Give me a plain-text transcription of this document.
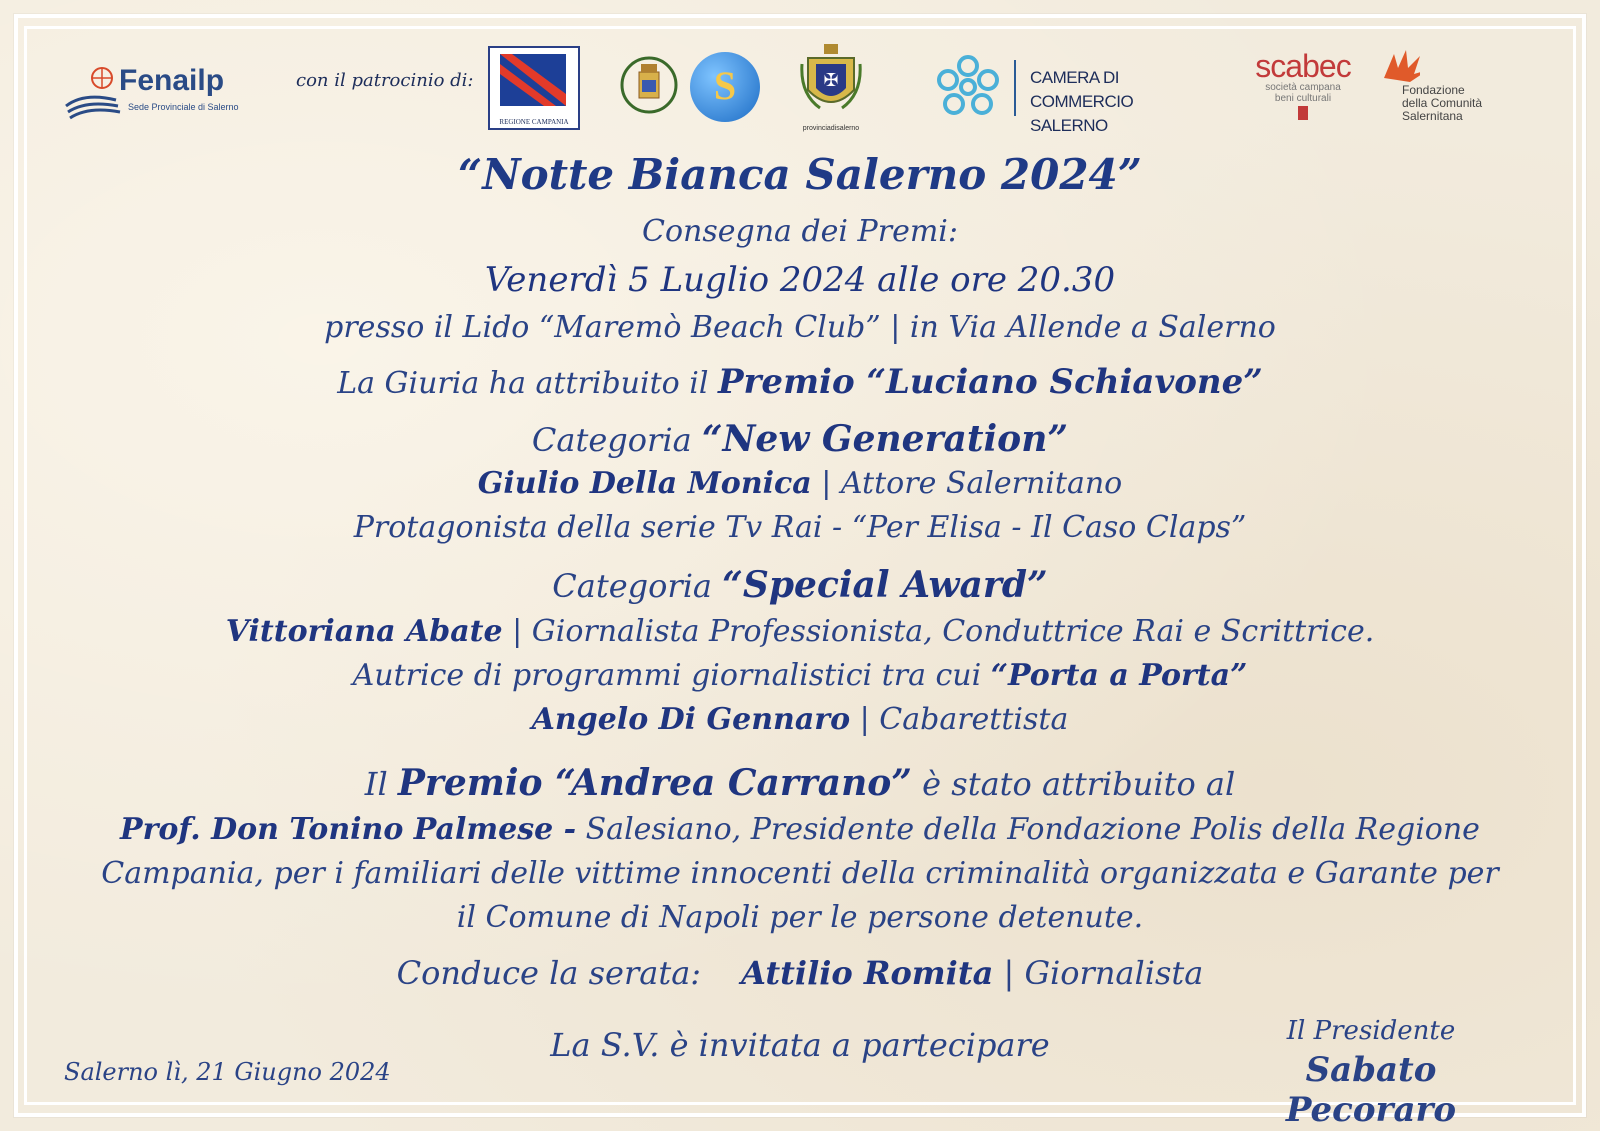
Fenailp
Sede Provinciale di Salerno
con il patrocinio di:
REGIONE CAMPANIA
S	✠
provinciadisalerno
CAMERA DI COMMERCIO
SALERNO
scabec
società campana
beni culturali
Fondazione
della Comunità
Salernitana
“Notte Bianca Salerno 2024”
Consegna dei Premi:
Venerdì 5 Luglio 2024 alle ore 20.30
presso il Lido “Maremò Beach Club” | in Via Allende a Salerno
La Giuria ha attribuito il Premio “Luciano Schiavone”
Categoria “New Generation”
Giulio Della Monica | Attore Salernitano
Protagonista della serie Tv Rai - “Per Elisa - Il Caso Claps”
Categoria “Special Award”
Vittoriana Abate | Giornalista Professionista, Conduttrice Rai e Scrittrice.
Autrice di programmi giornalistici tra cui “Porta a Porta”
Angelo Di Gennaro | Cabarettista
Il Premio “Andrea Carrano” è stato attribuito al
Prof. Don Tonino Palmese - Salesiano, Presidente della Fondazione Polis della Regione
Campania, per i familiari delle vittime innocenti della criminalità organizzata e Garante per
il Comune di Napoli per le persone detenute.
Conduce la serata: Attilio Romita | Giornalista
La S.V. è invitata a partecipare
Salerno lì, 21 Giugno 2024
Il Presidente
Sabato Pecoraro
